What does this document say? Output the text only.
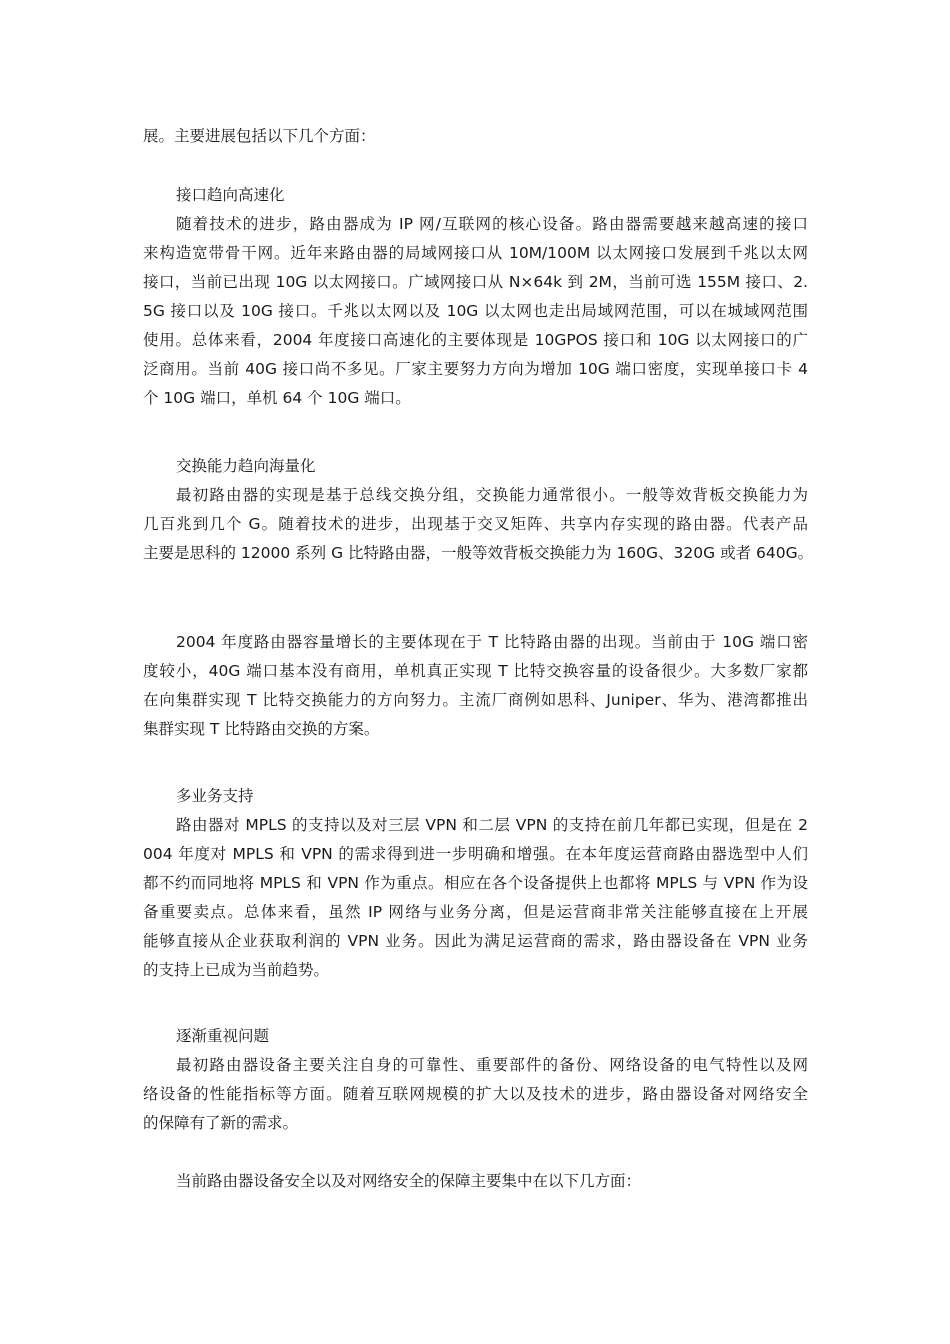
展。主要进展包括以下几个方面：
接口趋向高速化
随着技术的进步，路由器成为 IP 网/互联网的核心设备。路由器需要越来越高速的接口
来构造宽带骨干网。近年来路由器的局域网接口从 10M/100M 以太网接口发展到千兆以太网
接口，当前已出现 10G 以太网接口。广域网接口从 N×64k 到 2M，当前可选 155M 接口、2.
5G 接口以及 10G 接口。千兆以太网以及 10G 以太网也走出局域网范围，可以在城域网范围
使用。总体来看，2004 年度接口高速化的主要体现是 10GPOS 接口和 10G 以太网接口的广
泛商用。当前 40G 接口尚不多见。厂家主要努力方向为增加 10G 端口密度，实现单接口卡 4
个 10G 端口，单机 64 个 10G 端口。
交换能力趋向海量化
最初路由器的实现是基于总线交换分组，交换能力通常很小。一般等效背板交换能力为
几百兆到几个 G。随着技术的进步，出现基于交叉矩阵、共享内存实现的路由器。代表产品
主要是思科的 12000 系列 G 比特路由器，一般等效背板交换能力为 160G、320G 或者 640G。
2004 年度路由器容量增长的主要体现在于 T 比特路由器的出现。当前由于 10G 端口密
度较小，40G 端口基本没有商用，单机真正实现 T 比特交换容量的设备很少。大多数厂家都
在向集群实现 T 比特交换能力的方向努力。主流厂商例如思科、Juniper、华为、港湾都推出
集群实现 T 比特路由交换的方案。
多业务支持
路由器对 MPLS 的支持以及对三层 VPN 和二层 VPN 的支持在前几年都已实现，但是在 2
004 年度对 MPLS 和 VPN 的需求得到进一步明确和增强。在本年度运营商路由器选型中人们
都不约而同地将 MPLS 和 VPN 作为重点。相应在各个设备提供上也都将 MPLS 与 VPN 作为设
备重要卖点。总体来看，虽然 IP 网络与业务分离，但是运营商非常关注能够直接在上开展
能够直接从企业获取利润的 VPN 业务。因此为满足运营商的需求，路由器设备在 VPN 业务
的支持上已成为当前趋势。
逐渐重视问题
最初路由器设备主要关注自身的可靠性、重要部件的备份、网络设备的电气特性以及网
络设备的性能指标等方面。随着互联网规模的扩大以及技术的进步，路由器设备对网络安全
的保障有了新的需求。
当前路由器设备安全以及对网络安全的保障主要集中在以下几方面：
